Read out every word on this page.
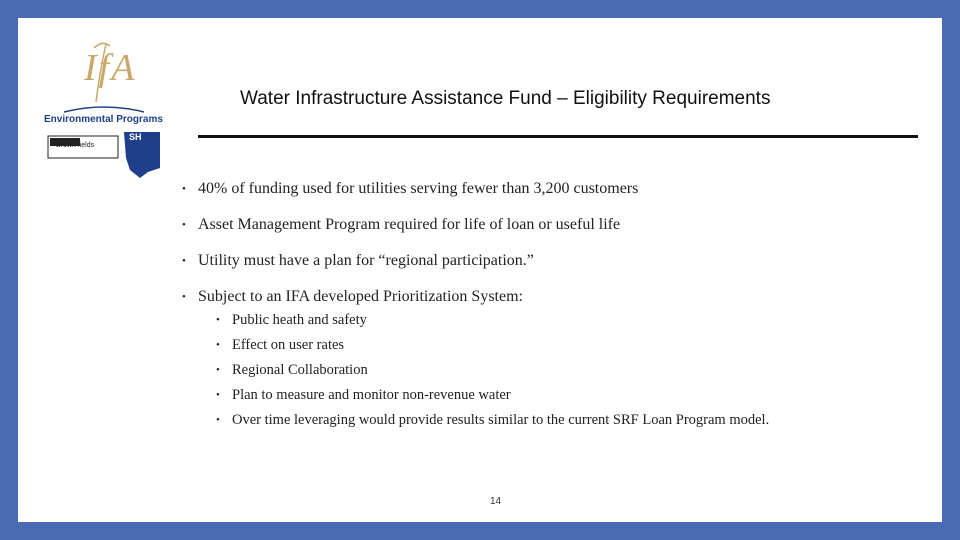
IfA
Environmental Programs
Brown fields
SH
Water Infrastructure Assistance Fund – Eligibility Requirements
• 40% of funding used for utilities serving fewer than 3,200 customers
• Asset Management Program required for life of loan or useful life
• Utility must have a plan for “regional participation.”
• Subject to an IFA developed Prioritization System:
• Public heath and safety
• Effect on user rates
• Regional Collaboration
• Plan to measure and monitor non-revenue water
• Over time leveraging would provide results similar to the current SRF Loan Program model.
14
